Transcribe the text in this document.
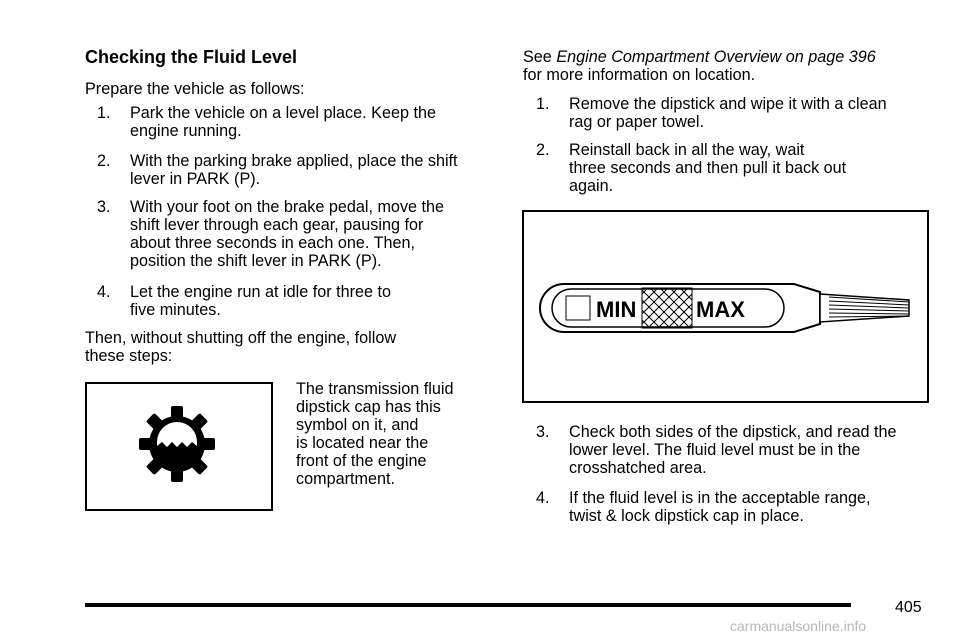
Checking the Fluid Level
Prepare the vehicle as follows:
1. Park the vehicle on a level place. Keep the
engine running.
2. With the parking brake applied, place the shift
lever in PARK (P).
3. With your foot on the brake pedal, move the
shift lever through each gear, pausing for
about three seconds in each one. Then,
position the shift lever in PARK (P).
4. Let the engine run at idle for three to
five minutes.
Then, without shutting off the engine, follow
these steps:
The transmission fluid
dipstick cap has this
symbol on it, and
is located near the
front of the engine
compartment.
See Engine Compartment Overview on page 396
for more information on location.
1. Remove the dipstick and wipe it with a clean
rag or paper towel.
2. Reinstall back in all the way, wait
three seconds and then pull it back out
again.
MIN	MAX
3. Check both sides of the dipstick, and read the
lower level. The fluid level must be in the
crosshatched area.
4. If the fluid level is in the acceptable range,
twist & lock dipstick cap in place.
405
carmanualsonline.info
